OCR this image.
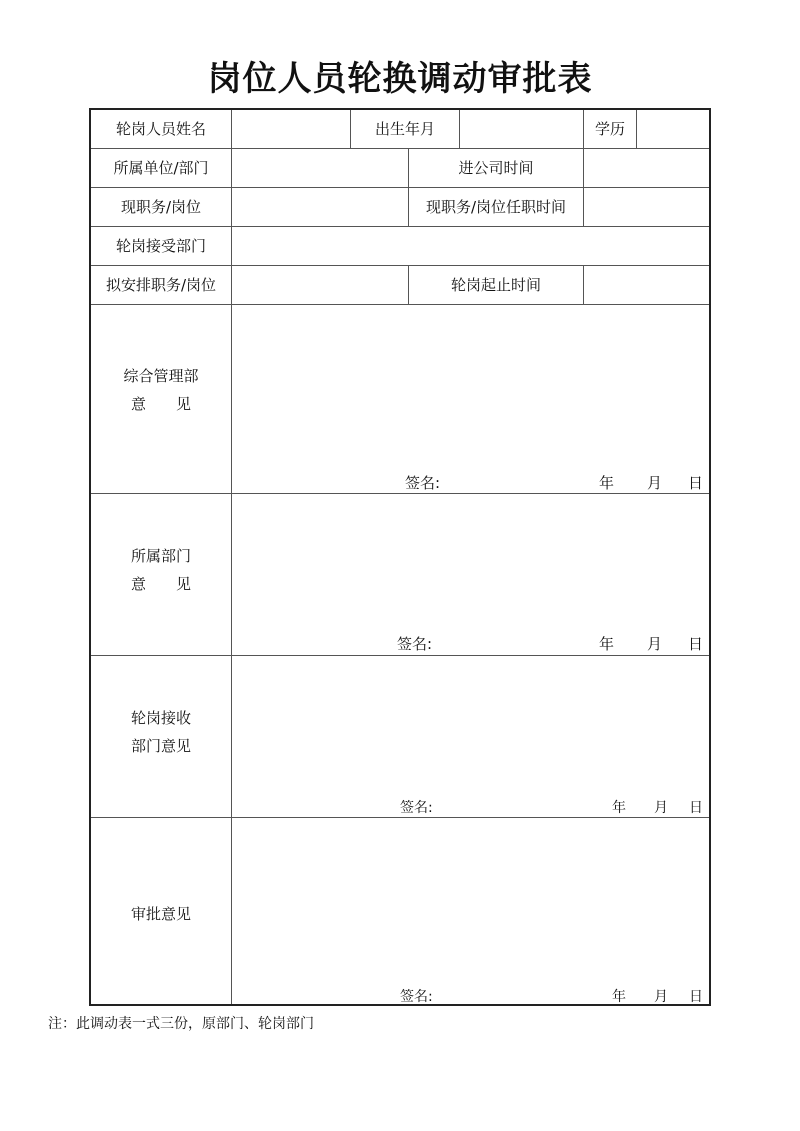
岗位人员轮换调动审批表
轮岗人员姓名	出生年月	学历
所属单位/部门	进公司时间
现职务/岗位	现职务/岗位任职时间
轮岗接受部门
拟安排职务/岗位	轮岗起止时间
综合管理部
意　　见
签名:	年 月 日
所属部门
意　　见
签名:	年 月 日
轮岗接收
部门意见
签名:	年 月 日
审批意见
签名:	年 月 日
注：此调动表一式三份，原部门、轮岗部门
